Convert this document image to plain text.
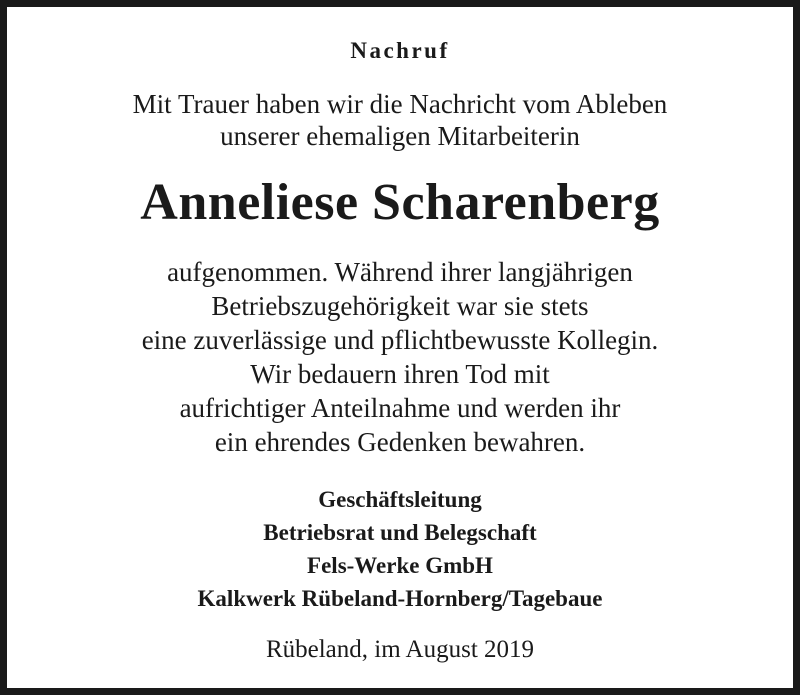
Nachruf
Mit Trauer haben wir die Nachricht vom Ableben
unserer ehemaligen Mitarbeiterin
Anneliese Scharenberg
aufgenommen. Während ihrer langjährigen
Betriebszugehörigkeit war sie stets
eine zuverlässige und pflichtbewusste Kollegin.
Wir bedauern ihren Tod mit
aufrichtiger Anteilnahme und werden ihr
ein ehrendes Gedenken bewahren.
Geschäftsleitung
Betriebsrat und Belegschaft
Fels-Werke GmbH
Kalkwerk Rübeland-Hornberg/Tagebaue
Rübeland, im August 2019
